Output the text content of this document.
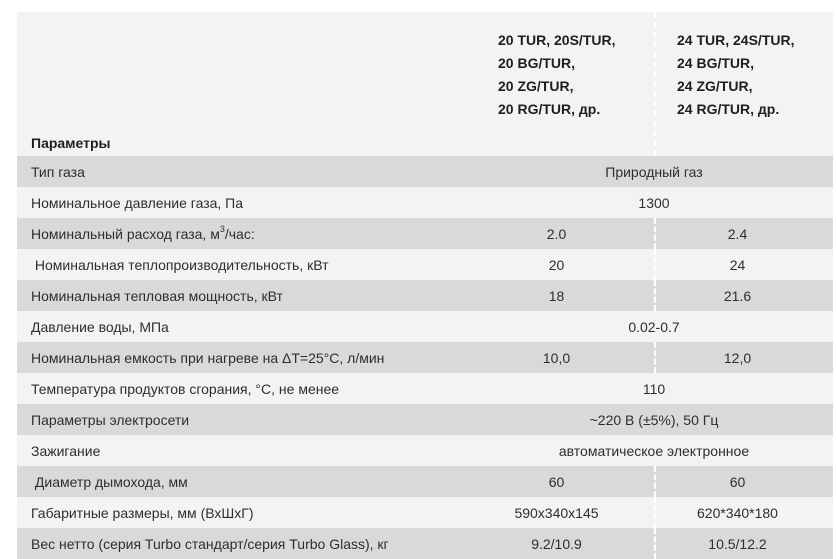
Параметры	20 TUR, 20S/TUR,
20 BG/TUR,
20 ZG/TUR,
20 RG/TUR, др.	24 TUR, 24S/TUR,
24 BG/TUR,
24 ZG/TUR,
24 RG/TUR, др.

Тип газа	Природный газ	
Номинальное давление газа, Па	1300	
Номинальный расход газа, $м^3$/час:	2.0	2.4
Номинальная теплопроизводительность, кВт	20	24
Номинальная тепловая мощность, кВт	18	21.6
Давление воды, МПа	0.02-0.7	
Номинальная емкость при нагреве на ΔT=25°C, л/мин	10,0	12,0
Температура продуктов сгорания, °C, не менее	110	
Параметры электросети	~220 В (±5%), 50 Гц	
Зажигание	автоматическое электронное	
Диаметр дымохода, мм	60	60
Габаритные размеры, мм (ВхШхГ)	590x340x145	620*340*180
Вес нетто (серия Turbo стандарт/серия Turbo Glass), кг	9.2/10.9	10.5/12.2
